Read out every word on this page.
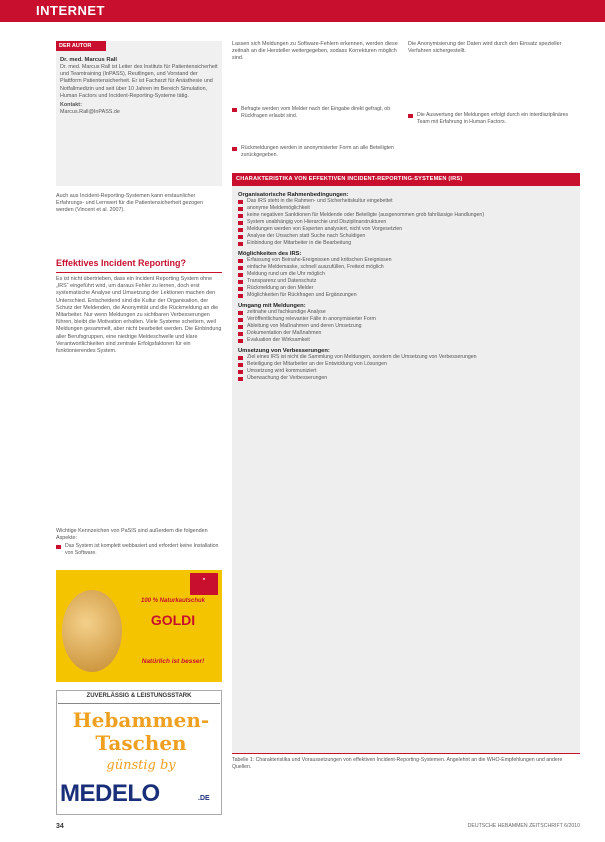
INTERNET
DER AUTOR
Dr. med. Marcus Rall
Dr. med. Marcus Rall ist Leiter des Instituts für Patientensicherheit und Teamtraining (InPASS), Reutlingen, und Vorstand der Plattform Patientensicherheit. Er ist Facharzt für Anästhesie und Notfallmedizin und seit über 10 Jahren im Bereich Simulation, Human Factors und Incident-Reporting-Systeme tätig.
Kontakt:
Marcus.Rall@InPASS.de
Auch aus Incident-Reporting-Systemen kann erstaunlicher Erfahrungs- und Lernwert für die Patientensicherheit gezogen werden (Vincent et al. 2007).
Effektives Incident Reporting?
Es ist nicht übertrieben, dass ein Incident Reporting System ohne „IRS“ eingeführt wird, um daraus Fehler zu lernen, doch erst systematische Analyse und Umsetzung der Lektionen machen den Unterschied. Entscheidend sind die Kultur der Organisation, der Schutz der Meldenden, die Anonymität und die Rückmeldung an die Mitarbeiter. Nur wenn Meldungen zu sichtbaren Verbesserungen führen, bleibt die Motivation erhalten. Viele Systeme scheitern, weil Meldungen gesammelt, aber nicht bearbeitet werden. Die Einbindung aller Berufsgruppen, eine niedrige Meldeschwelle und klare Verantwortlichkeiten sind zentrale Erfolgsfaktoren für ein funktionierendes System.
Wichtige Kennzeichen von PaSIS sind außerdem die folgenden Aspekte:
Das System ist komplett webbasiert und erfordert keine Installation von Software.
Lassen sich Meldungen zu Software-Fehlern erkennen, werden diese zeitnah an die Hersteller weitergegeben, sodass Korrekturen möglich sind.
Befragte werden vom Melder nach der Eingabe direkt gefragt, ob Rückfragen erlaubt sind.
Rückmeldungen werden in anonymisierter Form an alle Beteiligten zurückgegeben.
Die Anonymisierung der Daten wird durch den Einsatz spezieller Verfahren sichergestellt.
Die Auswertung der Meldungen erfolgt durch ein interdisziplinäres Team mit Erfahrung in Human Factors.
CHARAKTERISTIKA VON EFFEKTIVEN INCIDENT-REPORTING-SYSTEMEN (IRS)
Organisatorische Rahmenbedingungen:
Das IRS steht in die Rahmen- und Sicherheitskultur eingebettet
anonyme Meldemöglichkeit
keine negativen Sanktionen für Meldende oder Beteiligte (ausgenommen grob fahrlässige Handlungen)
System unabhängig von Hierarchie und Disziplinarstrukturen
Meldungen werden von Experten analysiert, nicht von Vorgesetzten
Analyse der Ursachen statt Suche nach Schuldigen
Einbindung der Mitarbeiter in die Bearbeitung
Möglichkeiten des IRS:
Erfassung von Beinahe-Ereignissen und kritischen Ereignissen
einfache Meldemaske, schnell auszufüllen, Freitext möglich
Meldung rund um die Uhr möglich
Transparenz und Datenschutz
Rückmeldung an den Melder
Möglichkeiten für Rückfragen und Ergänzungen
Umgang mit Meldungen:
zeitnahe und fachkundige Analyse
Veröffentlichung relevanter Fälle in anonymisierter Form
Ableitung von Maßnahmen und deren Umsetzung
Dokumentation der Maßnahmen
Evaluation der Wirksamkeit
Umsetzung von Verbesserungen:
Ziel eines IRS ist nicht die Sammlung von Meldungen, sondern die Umsetzung von Verbesserungen
Beteiligung der Mitarbeiter an der Entwicklung von Lösungen
Umsetzung wird kommuniziert
Überwachung der Verbesserungen
Tabelle 1: Charakteristika und Voraussetzungen von effektiven Incident-Reporting-Systemen. Angelehnt an die WHO-Empfehlungen und andere Quellen.
●
100 % Naturkautschuk
GOLDI
Natürlich ist besser!
ZUVERLÄSSIG & LEISTUNGSSTARK
Hebammen-
Taschen
günstig by
MEDELO	.DE
34	DEUTSCHE HEBAMMEN ZEITSCHRIFT 6/2010
